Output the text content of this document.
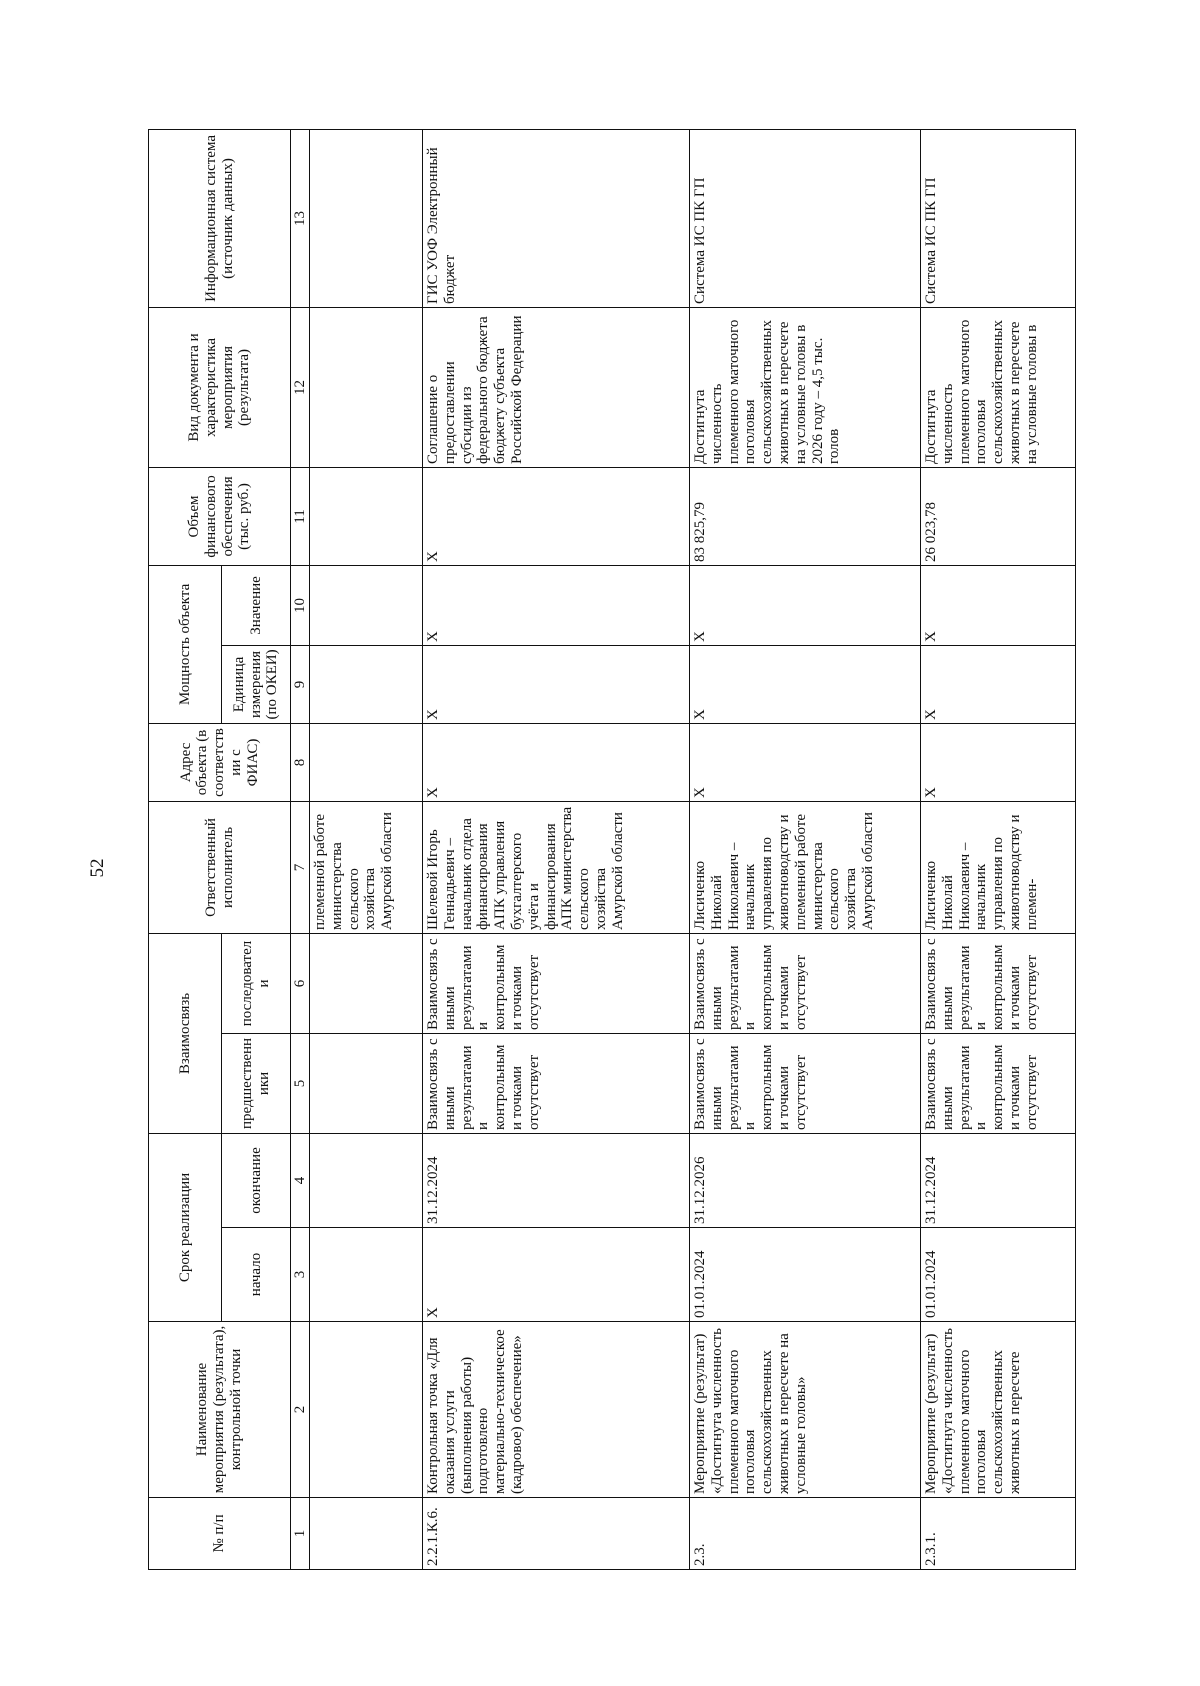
52
№ п/п	Наименование мероприятия (результата), контрольной точки	Срок реализации		Взаимосвязь		Ответственный исполнитель	Адрес объекта (в соответствии с ФИАС)	Мощность объекта		Объем финансового обеспечения (тыс. руб.)	Вид документа и характеристика мероприятия (результата)	Информационная система (источник данных)
		начало	окончание	предшественники	последователи			Единица измерения (по ОКЕИ)	Значение			
1	2	3	4	5	6	7	8	9	10	11	12	13
						племенной работе министерства сельского хозяйства Амурской области						
2.2.1.К.6.	Контрольная точка «Для оказания услуги (выполнения работы) подготовлено материально-техническое (кадровое) обеспечение»	X	31.12.2024	Взаимосвязь с иными результатами и контрольными точками отсутствует	Взаимосвязь с иными результатами и контрольными точками отсутствует	Шелевой Игорь Геннадьевич – начальник отдела финансирования АПК управления бухгалтерского учёта и финансирования АПК министерства сельского хозяйства Амурской области	X	X	X	X	Соглашение о предоставлении субсидии из федерального бюджета бюджету субъекта Российской Федерации	ГИС УОФ Электронный бюджет
2.3.	Мероприятие (результат) «Достигнута численность племенного маточного поголовья сельскохозяйственных животных в пересчете на условные головы»	01.01.2024	31.12.2026	Взаимосвязь с иными результатами и контрольными точками отсутствует	Взаимосвязь с иными результатами и контрольными точками отсутствует	Лисиченко Николай Николаевич – начальник управления по животноводству и племенной работе министерства сельского хозяйства Амурской области	X	X	X	83 825,79	Достигнута численность племенного маточного поголовья сельскохозяйственных животных в пересчете на условные головы в 2026 году – 4,5 тыс. голов	Система ИС ПК ГП
2.3.1.	Мероприятие (результат) «Достигнута численность племенного маточного поголовья сельскохозяйственных животных в пересчете	01.01.2024	31.12.2024	Взаимосвязь с иными результатами и контрольными точками отсутствует	Взаимосвязь с иными результатами и контрольными точками отсутствует	Лисиченко Николай Николаевич – начальник управления по животноводству и племен-	X	X	X	26 023,78	Достигнута численность племенного маточного поголовья сельскохозяйственных животных в пересчете на условные головы в	Система ИС ПК ГП
